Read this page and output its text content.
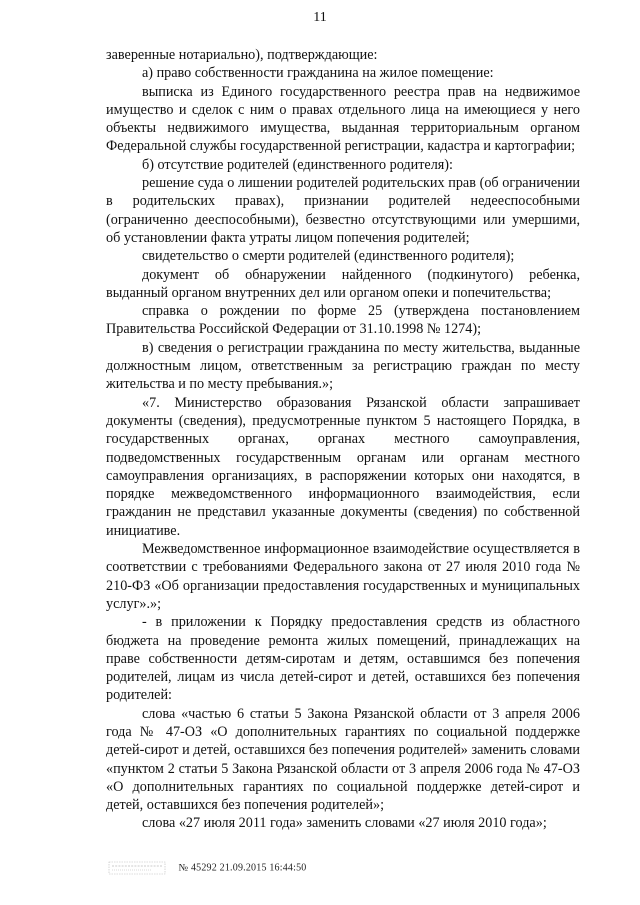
11

заверенные нотариально), подтверждающие:

а) право собственности гражданина на жилое помещение:

выписка из Единого государственного реестра прав на недвижимое имущество и сделок с ним о правах отдельного лица на имеющиеся у него объекты недвижимого имущества, выданная территориальным органом Федеральной службы государственной регистрации, кадастра и картографии;

б) отсутствие родителей (единственного родителя):

решение суда о лишении родителей родительских прав (об ограничении в родительских правах), признании родителей недееспособными (ограниченно дееспособными), безвестно отсутствующими или умершими, об установлении факта утраты лицом попечения родителей;

свидетельство о смерти родителей (единственного родителя);

документ об обнаружении найденного (подкинутого) ребенка, выданный органом внутренних дел или органом опеки и попечительства;

справка о рождении по форме 25 (утверждена постановлением Правительства Российской Федерации от 31.10.1998 № 1274);

в) сведения о регистрации гражданина по месту жительства, выданные должностным лицом, ответственным за регистрацию граждан по месту жительства и по месту пребывания.»;

«7. Министерство образования Рязанской области запрашивает документы (сведения), предусмотренные пунктом 5 настоящего Порядка, в государственных органах, органах местного самоуправления, подведомственных государственным органам или органам местного самоуправления организациях, в распоряжении которых они находятся, в порядке межведомственного информационного взаимодействия, если гражданин не представил указанные документы (сведения) по собственной инициативе.

Межведомственное информационное взаимодействие осуществляется в соответствии с требованиями Федерального закона от 27 июля 2010 года № 210-ФЗ «Об организации предоставления государственных и муниципальных услуг».»;

- в приложении к Порядку предоставления средств из областного бюджета на проведение ремонта жилых помещений, принадлежащих на праве собственности детям-сиротам и детям, оставшимся без попечения родителей, лицам из числа детей-сирот и детей, оставшихся без попечения родителей:

слова «частью 6 статьи 5 Закона Рязанской области от 3 апреля 2006 года № 47-ОЗ «О дополнительных гарантиях по социальной поддержке детей-сирот и детей, оставшихся без попечения родителей» заменить словами «пунктом 2 статьи 5 Закона Рязанской области от 3 апреля 2006 года № 47-ОЗ «О дополнительных гарантиях по социальной поддержке детей-сирот и детей, оставшихся без попечения родителей»;

слова «27 июля 2011 года» заменить словами «27 июля 2010 года»;

№ 45292 21.09.2015 16:44:50
